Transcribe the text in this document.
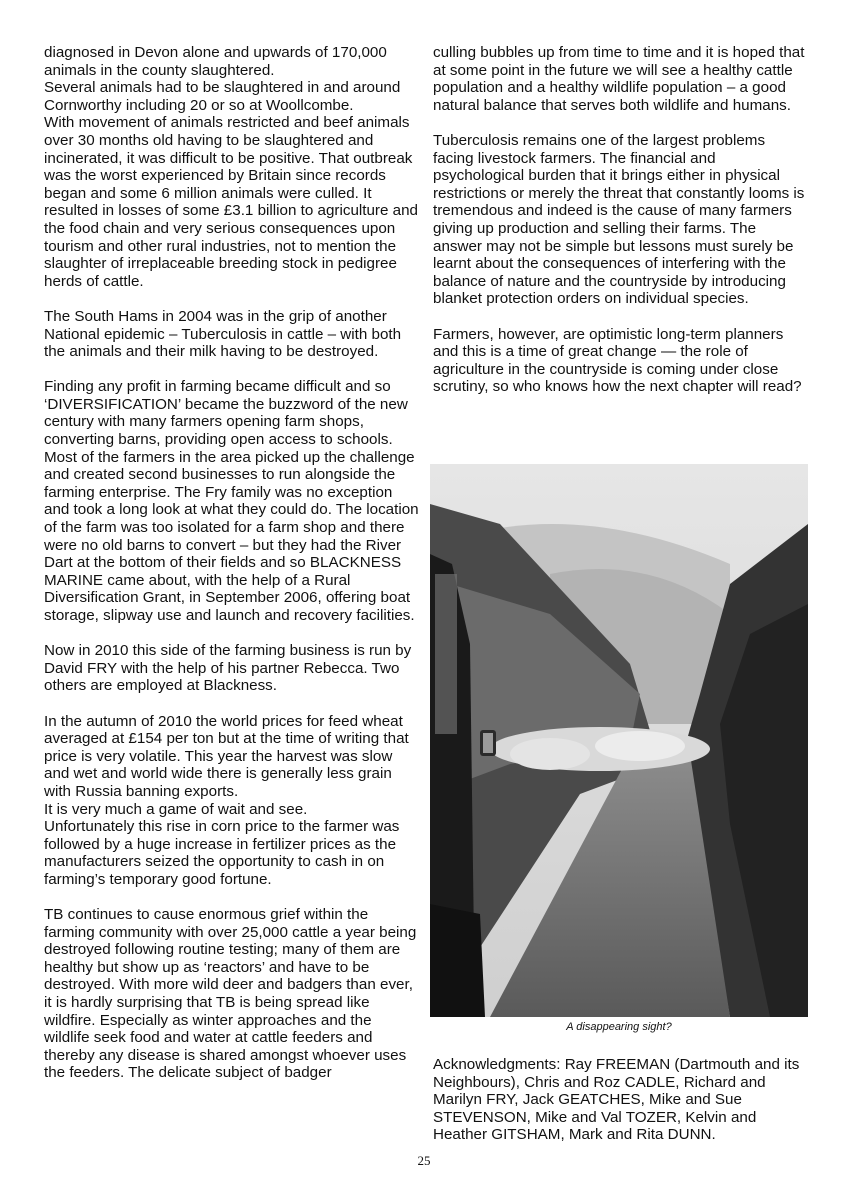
diagnosed in Devon alone and upwards of 170,000 animals in the county slaughtered.

Several animals had to be slaughtered in and around Cornworthy including 20 or so at Woollcombe.

With movement of animals restricted and beef animals over 30 months old having to be slaughtered and incinerated, it was difficult to be positive. That outbreak was the worst experienced by Britain since records began and some 6 million animals were culled. It resulted in losses of some £3.1 billion to agriculture and the food chain and very serious consequences upon tourism and other rural industries, not to mention the slaughter of irreplaceable breeding stock in pedigree herds of cattle.

The South Hams in 2004 was in the grip of another National epidemic – Tuberculosis in cattle – with both the animals and their milk having to be destroyed.

Finding any profit in farming became difficult and so ‘DIVERSIFICATION’ became the buzzword of the new century with many farmers opening farm shops, converting barns, providing open access to schools. Most of the farmers in the area picked up the challenge and created second businesses to run alongside the farming enterprise. The Fry family was no exception and took a long look at what they could do. The location of the farm was too isolated for a farm shop and there were no old barns to convert – but they had the River Dart at the bottom of their fields and so BLACKNESS MARINE came about, with the help of a Rural Diversification Grant, in September 2006, offering boat storage, slipway use and launch and recovery facilities.

Now in 2010 this side of the farming business is run by David FRY with the help of his partner Rebecca. Two others are employed at Blackness.

In the autumn of 2010 the world prices for feed wheat averaged at £154 per ton but at the time of writing that price is very volatile. This year the harvest was slow and wet and world wide there is generally less grain with Russia banning exports.

It is very much a game of wait and see.

Unfortunately this rise in corn price to the farmer was followed by a huge increase in fertilizer prices as the manufacturers seized the opportunity to cash in on farming’s temporary good fortune.

TB continues to cause enormous grief within the farming community with over 25,000 cattle a year being destroyed following routine testing; many of them are healthy but show up as ‘reactors’ and have to be destroyed. With more wild deer and badgers than ever, it is hardly surprising that TB is being spread like wildfire. Especially as winter approaches and the wildlife seek food and water at cattle feeders and thereby any disease is shared amongst whoever uses the feeders. The delicate subject of badger

culling bubbles up from time to time and it is hoped that at some point in the future we will see a healthy cattle population and a healthy wildlife population – a good natural balance that serves both wildlife and humans.

Tuberculosis remains one of the largest problems facing livestock farmers. The financial and psychological burden that it brings either in physical restrictions or merely the threat that constantly looms is tremendous and indeed is the cause of many farmers giving up production and selling their farms. The answer may not be simple but lessons must surely be learnt about the consequences of interfering with the balance of nature and the countryside by introducing blanket protection orders on individual species.

Farmers, however, are optimistic long-term planners and this is a time of great change — the role of agriculture in the countryside is coming under close scrutiny, so who knows how the next chapter will read?

A disappearing sight?
Acknowledgments: Ray FREEMAN (Dartmouth and its Neighbours), Chris and Roz CADLE, Richard and Marilyn FRY, Jack GEATCHES, Mike and Sue STEVENSON, Mike and Val TOZER, Kelvin and Heather GITSHAM, Mark and Rita DUNN.
25
